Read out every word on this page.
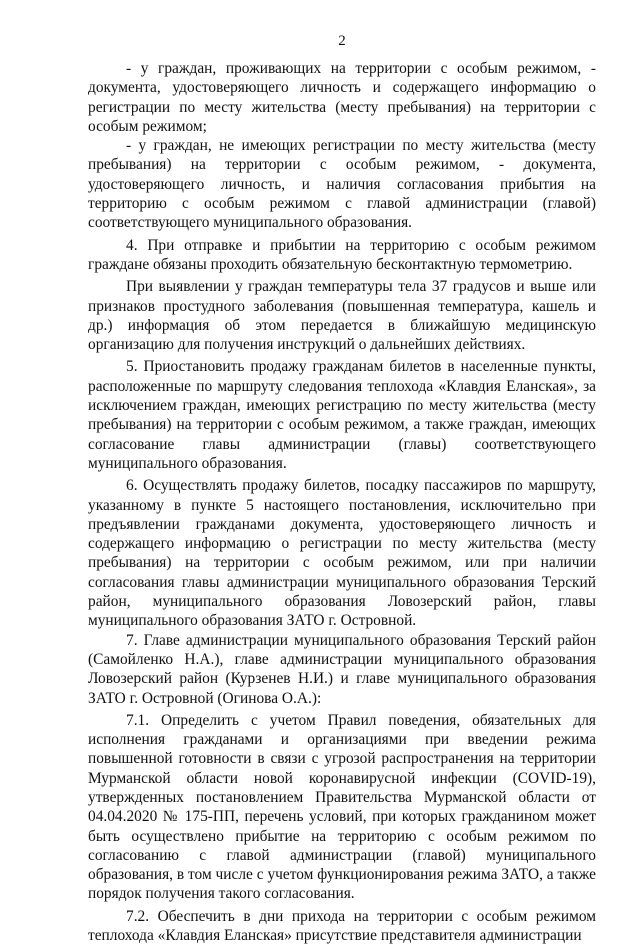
2

- у граждан, проживающих на территории с особым режимом, - документа, удостоверяющего личность и содержащего информацию о регистрации по месту жительства (месту пребывания) на территории с особым режимом;

- у граждан, не имеющих регистрации по месту жительства (месту пребывания) на территории с особым режимом, - документа, удостоверяющего личность, и наличия согласования прибытия на территорию с особым режимом с главой администрации (главой) соответствующего муниципального образования.

4. При отправке и прибытии на территорию с особым режимом граждане обязаны проходить обязательную бесконтактную термометрию.

При выявлении у граждан температуры тела 37 градусов и выше или признаков простудного заболевания (повышенная температура, кашель и др.) информация об этом передается в ближайшую медицинскую организацию для получения инструкций о дальнейших действиях.

5. Приостановить продажу гражданам билетов в населенные пункты, расположенные по маршруту следования теплохода «Клавдия Еланская», за исключением граждан, имеющих регистрацию по месту жительства (месту пребывания) на территории с особым режимом, а также граждан, имеющих согласование главы администрации (главы) соответствующего муниципального образования.

6. Осуществлять продажу билетов, посадку пассажиров по маршруту, указанному в пункте 5 настоящего постановления, исключительно при предъявлении гражданами документа, удостоверяющего личность и содержащего информацию о регистрации по месту жительства (месту пребывания) на территории с особым режимом, или при наличии согласования главы администрации муниципального образования Терский район, муниципального образования Ловозерский район, главы муниципального образования ЗАТО г. Островной.

7. Главе администрации муниципального образования Терский район (Самойленко Н.А.), главе администрации муниципального образования Ловозерский район (Курзенев Н.И.) и главе муниципального образования ЗАТО г. Островной (Огинова О.А.):

7.1. Определить с учетом Правил поведения, обязательных для исполнения гражданами и организациями при введении режима повышенной готовности в связи с угрозой распространения на территории Мурманской области новой коронавирусной инфекции (COVID-19), утвержденных постановлением Правительства Мурманской области от 04.04.2020 № 175-ПП, перечень условий, при которых гражданином может быть осуществлено прибытие на территорию с особым режимом по согласованию с главой администрации (главой) муниципального образования, в том числе с учетом функционирования режима ЗАТО, а также порядок получения такого согласования.

7.2. Обеспечить в дни прихода на территории с особым режимом теплохода «Клавдия Еланская» присутствие представителя администрации
